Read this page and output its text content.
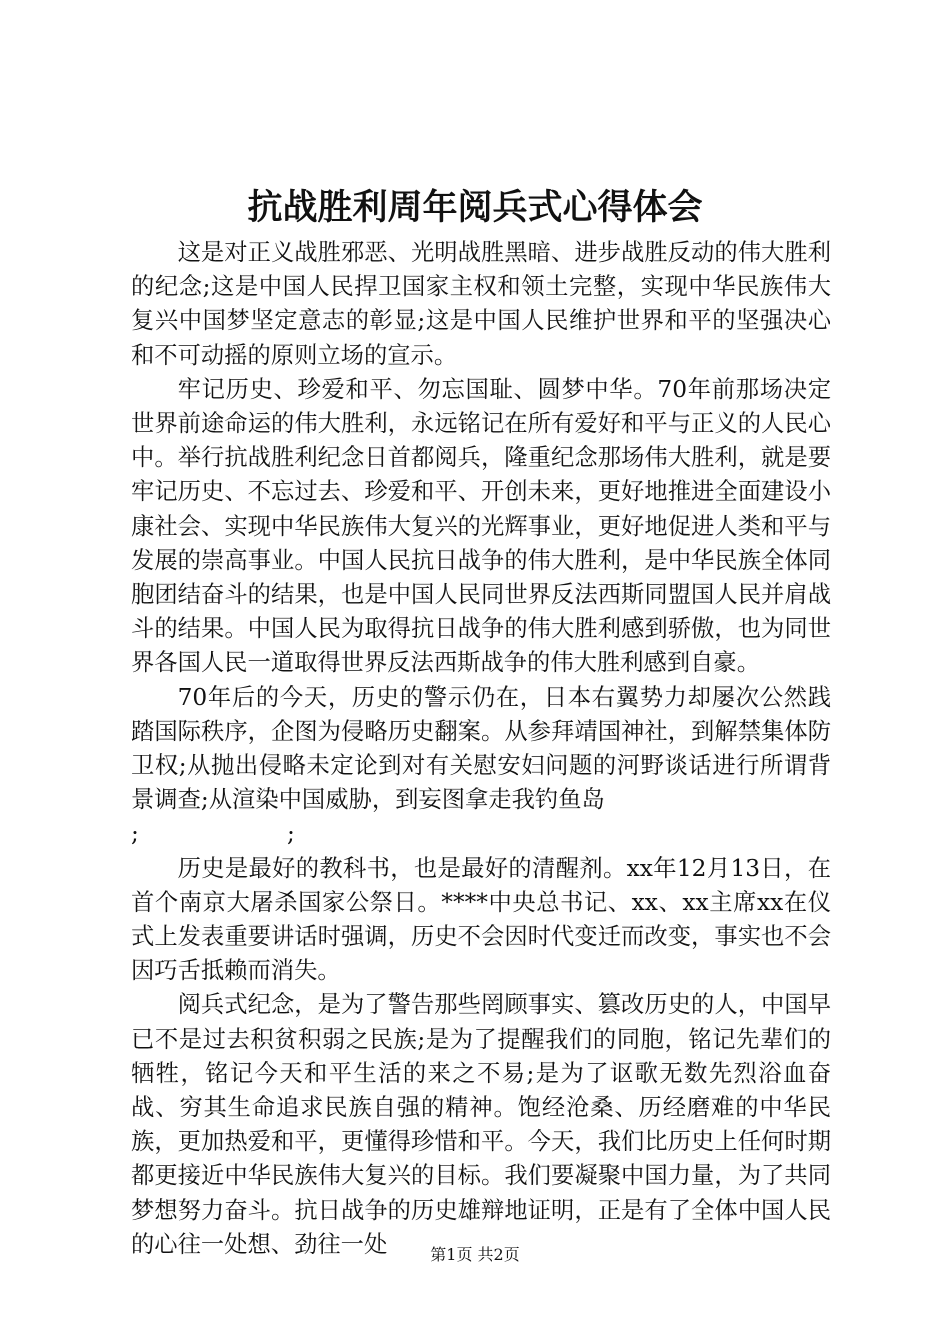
抗战胜利周年阅兵式心得体会

这是对正义战胜邪恶、光明战胜黑暗、进步战胜反动的伟大胜利的纪念;这是中国人民捍卫国家主权和领土完整，实现中华民族伟大复兴中国梦坚定意志的彰显;这是中国人民维护世界和平的坚强决心和不可动摇的原则立场的宣示。

牢记历史、珍爱和平、勿忘国耻、圆梦中华。70年前那场决定世界前途命运的伟大胜利，永远铭记在所有爱好和平与正义的人民心中。举行抗战胜利纪念日首都阅兵，隆重纪念那场伟大胜利，就是要牢记历史、不忘过去、珍爱和平、开创未来，更好地推进全面建设小康社会、实现中华民族伟大复兴的光辉事业，更好地促进人类和平与发展的崇高事业。中国人民抗日战争的伟大胜利，是中华民族全体同胞团结奋斗的结果，也是中国人民同世界反法西斯同盟国人民并肩战斗的结果。中国人民为取得抗日战争的伟大胜利感到骄傲，也为同世界各国人民一道取得世界反法西斯战争的伟大胜利感到自豪。

70年后的今天，历史的警示仍在，日本右翼势力却屡次公然践踏国际秩序，企图为侵略历史翻案。从参拜靖国神社，到解禁集体防卫权;从抛出侵略未定论到对有关慰安妇问题的河野谈话进行所谓背景调查;从渲染中国威胁，到妄图拿走我钓鱼岛

;                    ;

历史是最好的教科书，也是最好的清醒剂。xx年12月13日，在首个南京大屠杀国家公祭日。****中央总书记、xx、xx主席xx在仪式上发表重要讲话时强调，历史不会因时代变迁而改变，事实也不会因巧舌抵赖而消失。

阅兵式纪念，是为了警告那些罔顾事实、篡改历史的人，中国早已不是过去积贫积弱之民族;是为了提醒我们的同胞，铭记先辈们的牺牲，铭记今天和平生活的来之不易;是为了讴歌无数先烈浴血奋战、穷其生命追求民族自强的精神。饱经沧桑、历经磨难的中华民族，更加热爱和平，更懂得珍惜和平。今天，我们比历史上任何时期都更接近中华民族伟大复兴的目标。我们要凝聚中国力量，为了共同梦想努力奋斗。抗日战争的历史雄辩地证明，正是有了全体中国人民的心往一处想、劲往一处	第1页 共2页
